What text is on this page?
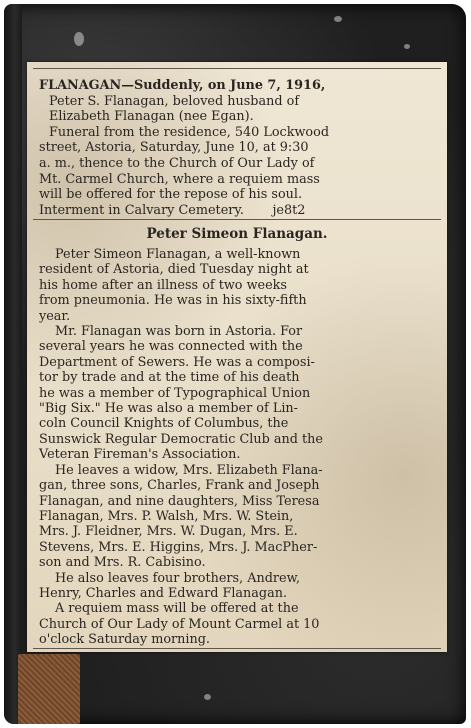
FLANAGAN—Suddenly, on June 7, 1916,
Peter S. Flanagan, beloved husband of
Elizabeth Flanagan (nee Egan).
Funeral from the residence, 540 Lockwood
street, Astoria, Saturday, June 10, at 9:30
a. m., thence to the Church of Our Lady of
Mt. Carmel Church, where a requiem mass
will be offered for the repose of his soul.
Interment in Calvary Cemetery.       je8t2
Peter Simeon Flanagan.
Peter Simeon Flanagan, a well-known
resident of Astoria, died Tuesday night at
his home after an illness of two weeks
from pneumonia. He was in his sixty-fifth
year.
Mr. Flanagan was born in Astoria. For
several years he was connected with the
Department of Sewers. He was a composi-
tor by trade and at the time of his death
he was a member of Typographical Union
"Big Six." He was also a member of Lin-
coln Council Knights of Columbus, the
Sunswick Regular Democratic Club and the
Veteran Fireman's Association.
He leaves a widow, Mrs. Elizabeth Flana-
gan, three sons, Charles, Frank and Joseph
Flanagan, and nine daughters, Miss Teresa
Flanagan, Mrs. P. Walsh, Mrs. W. Stein,
Mrs. J. Fleidner, Mrs. W. Dugan, Mrs. E.
Stevens, Mrs. E. Higgins, Mrs. J. MacPher-
son and Mrs. R. Cabisino.
He also leaves four brothers, Andrew,
Henry, Charles and Edward Flanagan.
A requiem mass will be offered at the
Church of Our Lady of Mount Carmel at 10
o'clock Saturday morning.
